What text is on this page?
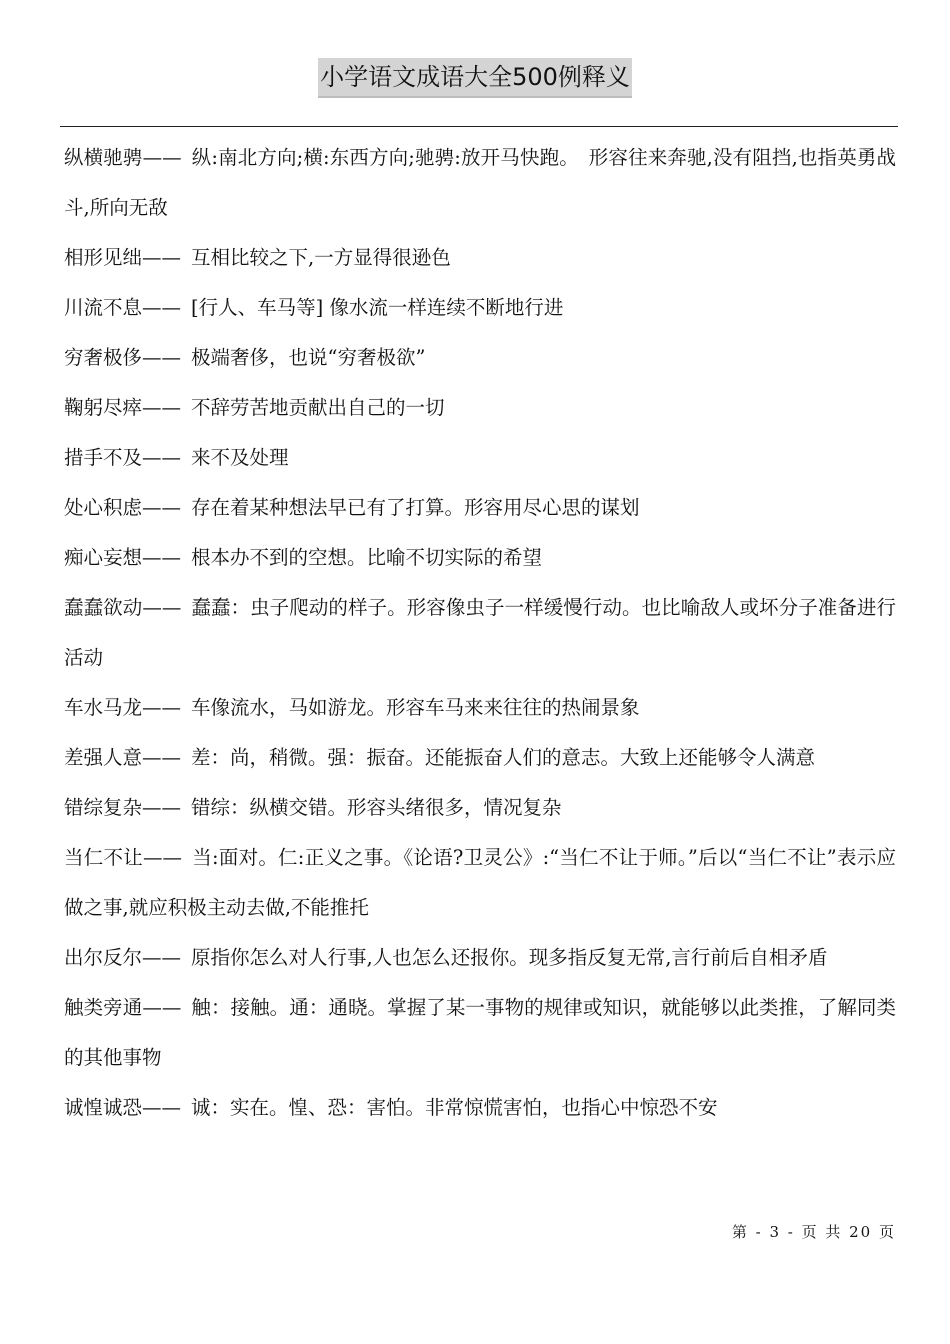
小学语文成语大全500例释义

纵横驰骋—— 纵:南北方向;横:东西方向;驰骋:放开马快跑。　形容往来奔驰,没有阻挡,也指英勇战斗,所向无敌

相形见绌—— 互相比较之下,一方显得很逊色

川流不息—— [行人、车马等] 像水流一样连续不断地行进

穷奢极侈—— 极端奢侈，也说“穷奢极欲”

鞠躬尽瘁—— 不辞劳苦地贡献出自己的一切

措手不及—— 来不及处理

处心积虑—— 存在着某种想法早已有了打算。形容用尽心思的谋划

痴心妄想—— 根本办不到的空想。比喻不切实际的希望

蠢蠢欲动—— 蠢蠢：虫子爬动的样子。形容像虫子一样缓慢行动。也比喻敌人或坏分子准备进行活动

车水马龙—— 车像流水，马如游龙。形容车马来来往往的热闹景象

差强人意—— 差：尚，稍微。强：振奋。还能振奋人们的意志。大致上还能够令人满意

错综复杂—— 错综：纵横交错。形容头绪很多，情况复杂

当仁不让—— 当:面对。仁:正义之事。《论语?卫灵公》:“当仁不让于师。”后以“当仁不让”表示应做之事,就应积极主动去做,不能推托

出尔反尔—— 原指你怎么对人行事,人也怎么还报你。现多指反复无常,言行前后自相矛盾

触类旁通—— 触：接触。通：通晓。掌握了某一事物的规律或知识，就能够以此类推，了解同类的其他事物

诚惶诚恐—— 诚：实在。惶、恐：害怕。非常惊慌害怕，也指心中惊恐不安

第 - 3 - 页 共 20 页
